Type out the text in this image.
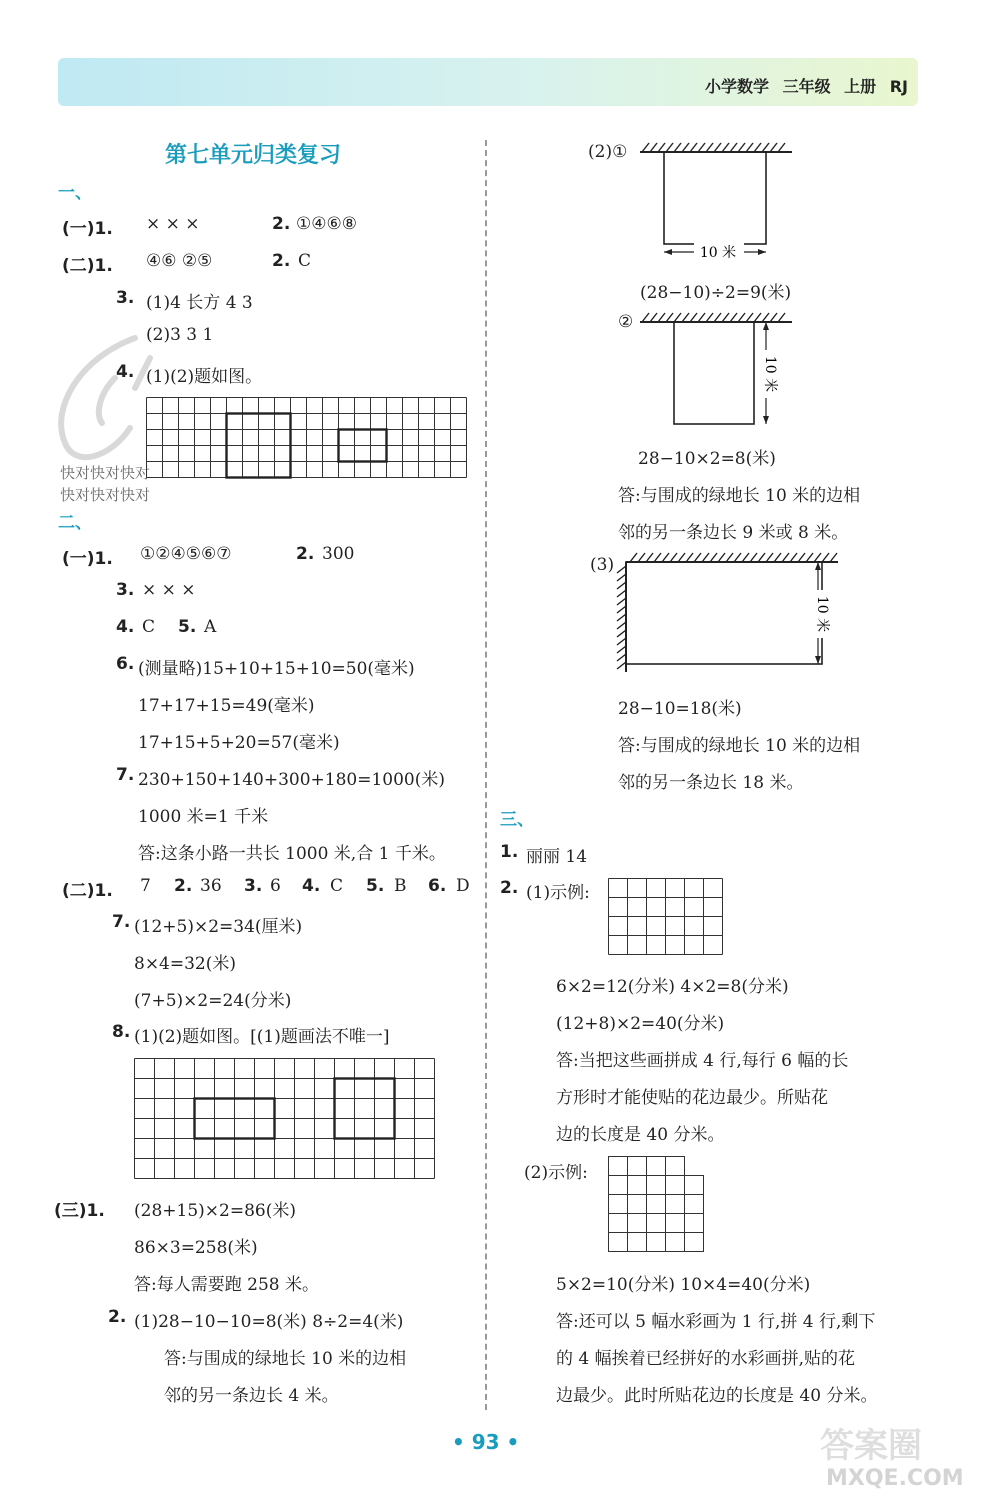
小学数学 三年级 上册 RJ
第七单元归类复习
快对快对快对
快对快对快对
一、
(一)1. × × ×	2. ①④⑥⑧
(二)1. ④⑥ ②⑤	2. C
3. (1)4 长方 4 3
(2)3 3 1
4. (1)(2)题如图。
二、
(一)1. ①②④⑤⑥⑦	2. 300
3. × × ×
4. C 5. A
6. (测量略)15+10+15+10=50(毫米)
17+17+15=49(毫米)
17+15+5+20=57(毫米)
7. 230+150+140+300+180=1000(米)
1000 米=1 千米
答:这条小路一共长 1000 米,合 1 千米。
(二)1. 7 2. 36 3. 6 4. C 5. B 6. D
7. (12+5)×2=34(厘米)
8×4=32(米)
(7+5)×2=24(分米)
8. (1)(2)题如图。[(1)题画法不唯一]
(三)1. (28+15)×2=86(米)
86×3=258(米)
答:每人需要跑 258 米。
2. (1)28−10−10=8(米) 8÷2=4(米)
答:与围成的绿地长 10 米的边相
邻的另一条边长 4 米。
(2)①
10 米
(28−10)÷2=9(米)
②
10 米
28−10×2=8(米)
答:与围成的绿地长 10 米的边相
邻的另一条边长 9 米或 8 米。
(3)
10 米
28−10=18(米)
答:与围成的绿地长 10 米的边相
邻的另一条边长 18 米。
三、
1. 丽丽 14
2. (1)示例:
6×2=12(分米) 4×2=8(分米)
(12+8)×2=40(分米)
答:当把这些画拼成 4 行,每行 6 幅的长
方形时才能使贴的花边最少。所贴花
边的长度是 40 分米。
(2)示例:
5×2=10(分米) 10×4=40(分米)
答:还可以 5 幅水彩画为 1 行,拼 4 行,剩下
的 4 幅挨着已经拼好的水彩画拼,贴的花
边最少。此时所贴花边的长度是 40 分米。
• 93 •	答案圈
MXQE.COM
